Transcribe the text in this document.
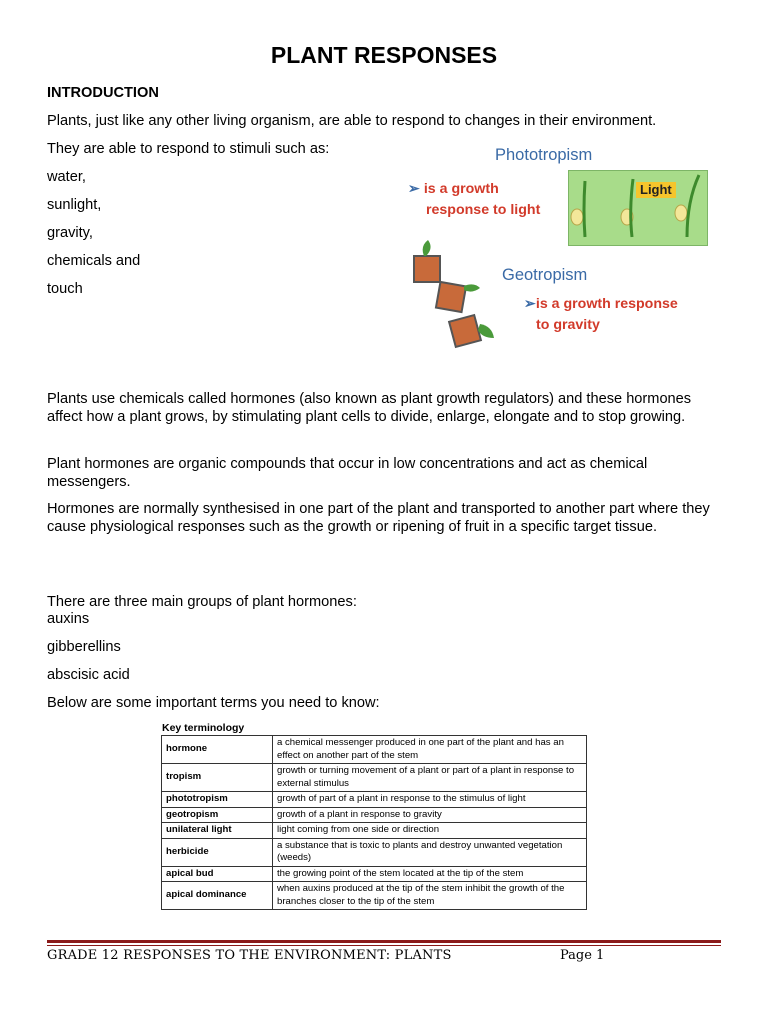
PLANT RESPONSES

INTRODUCTION

Plants, just like any other living organism, are able to respond to changes in their environment.

They are able to respond to stimuli such as:

water,

sunlight,

gravity,

chemicals and

touch

Phototropism
➢ is a growth
response to light
Light
Geotropism
➢is a growth response
to gravity

Plants use chemicals called hormones (also known as plant growth regulators) and these hormones affect how a plant grows, by stimulating plant cells to divide, enlarge, elongate and to stop growing.

Plant hormones are organic compounds that occur in low concentrations and act as chemical messengers.

Hormones are normally synthesised in one part of the plant and transported to another part where they cause physiological responses such as the growth or ripening of fruit in a specific target tissue.

There are three main groups of plant hormones:

auxins

gibberellins

abscisic acid

Below are some important terms you need to know:

Key terminology
hormone	a chemical messenger produced in one part of the plant and has an effect on another part of the stem
tropism	growth or turning movement of a plant or part of a plant in response to external stimulus
phototropism	growth of part of a plant in response to the stimulus of light
geotropism	growth of a plant in response to gravity
unilateral light	light coming from one side or direction
herbicide	a substance that is toxic to plants and destroy unwanted vegetation (weeds)
apical bud	the growing point of the stem located at the tip of the stem
apical dominance	when auxins produced at the tip of the stem inhibit the growth of the branches closer to the tip of the stem
GRADE 12 RESPONSES TO THE ENVIRONMENT: PLANTS	Page 1
